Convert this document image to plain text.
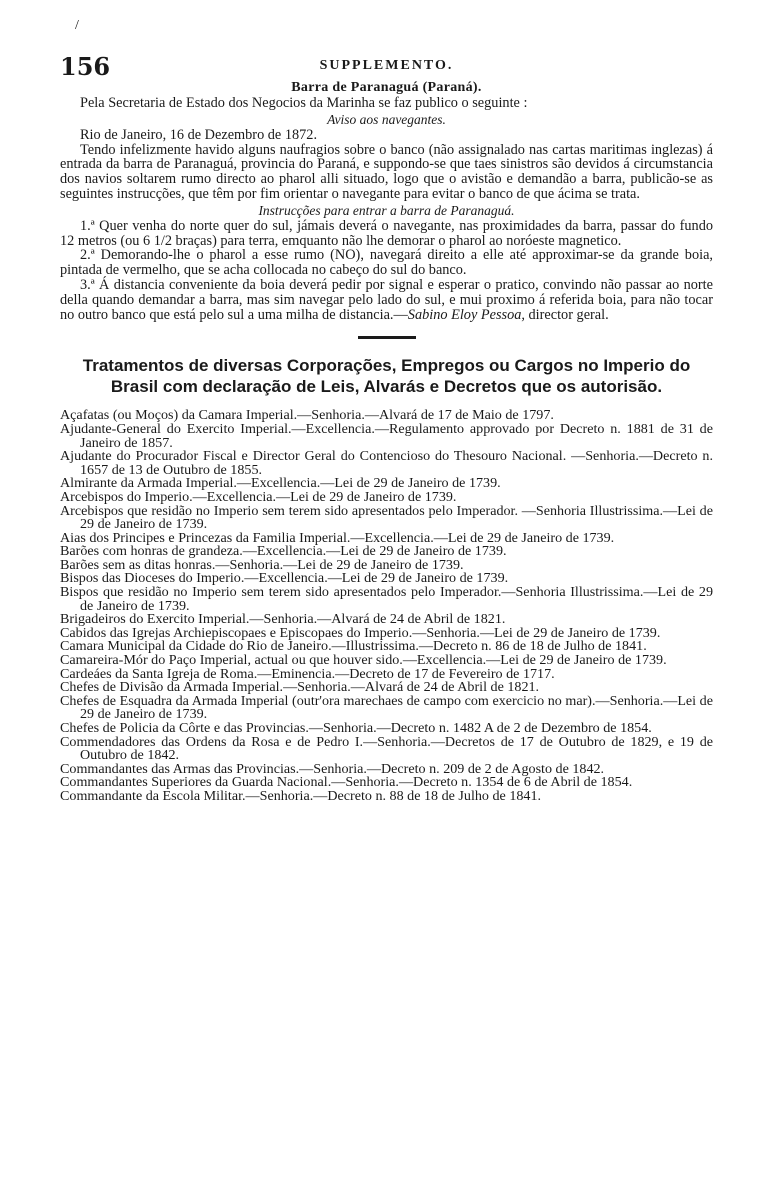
/
156	SUPPLEMENTO.
Barra de Paranaguá (Paraná).

Pela Secretaria de Estado dos Negocios da Marinha se faz publico o seguinte :

Aviso aos navegantes.

Rio de Janeiro, 16 de Dezembro de 1872.

Tendo infelizmente havido alguns naufragios sobre o banco (não assignalado nas cartas maritimas inglezas) á entrada da barra de Paranaguá, provincia do Paraná, e suppondo-se que taes sinistros são devidos á circumstancia dos navios soltarem rumo directo ao pharol alli situado, logo que o avistão e demandão a barra, publicão-se as seguintes instrucções, que têm por fim orientar o navegante para evitar o banco de que ácima se trata.

Instrucções para entrar a barra de Paranaguá.

1.ª Quer venha do norte quer do sul, jámais deverá o navegante, nas proximidades da barra, passar do fundo 12 metros (ou 6 1/2 braças) para terra, emquanto não lhe demorar o pharol ao noróeste magnetico.

2.ª Demorando-lhe o pharol a esse rumo (NO), navegará direito a elle até approximar-se da grande boia, pintada de vermelho, que se acha collocada no cabeço do sul do banco.

3.ª Á distancia conveniente da boia deverá pedir por signal e esperar o pratico, convindo não passar ao norte della quando demandar a barra, mas sim navegar pelo lado do sul, e mui proximo á referida boia, para não tocar no outro banco que está pelo sul a uma milha de distancia.—Sabino Eloy Pessoa, director geral.

Tratamentos de diversas Corporações, Empregos ou Cargos no Imperio do
Brasil com declaração de Leis, Alvarás e Decretos que os autorisão.

Açafatas (ou Moços) da Camara Imperial.—Senhoria.—Alvará de 17 de Maio de 1797.

Ajudante-General do Exercito Imperial.—Excellencia.—Regulamento approvado por Decreto n. 1881 de 31 de Janeiro de 1857.

Ajudante do Procurador Fiscal e Director Geral do Contencioso do Thesouro Nacional. —Senhoria.—Decreto n. 1657 de 13 de Outubro de 1855.

Almirante da Armada Imperial.—Excellencia.—Lei de 29 de Janeiro de 1739.

Arcebispos do Imperio.—Excellencia.—Lei de 29 de Janeiro de 1739.

Arcebispos que residão no Imperio sem terem sido apresentados pelo Imperador. —Senhoria Illustrissima.—Lei de 29 de Janeiro de 1739.

Aias dos Principes e Princezas da Familia Imperial.—Excellencia.—Lei de 29 de Janeiro de 1739.

Barões com honras de grandeza.—Excellencia.—Lei de 29 de Janeiro de 1739.

Barões sem as ditas honras.—Senhoria.—Lei de 29 de Janeiro de 1739.

Bispos das Dioceses do Imperio.—Excellencia.—Lei de 29 de Janeiro de 1739.

Bispos que residão no Imperio sem terem sido apresentados pelo Imperador.—Senhoria Illustrissima.—Lei de 29 de Janeiro de 1739.

Brigadeiros do Exercito Imperial.—Senhoria.—Alvará de 24 de Abril de 1821.

Cabidos das Igrejas Archiepiscopaes e Episcopaes do Imperio.—Senhoria.—Lei de 29 de Janeiro de 1739.

Camara Municipal da Cidade do Rio de Janeiro.—Illustrissima.—Decreto n. 86 de 18 de Julho de 1841.

Camareira-Mór do Paço Imperial, actual ou que houver sido.—Excellencia.—Lei de 29 de Janeiro de 1739.

Cardeáes da Santa Igreja de Roma.—Eminencia.—Decreto de 17 de Fevereiro de 1717.

Chefes de Divisão da Armada Imperial.—Senhoria.—Alvará de 24 de Abril de 1821.

Chefes de Esquadra da Armada Imperial (outr'ora marechaes de campo com exercicio no mar).—Senhoria.—Lei de 29 de Janeiro de 1739.

Chefes de Policia da Côrte e das Provincias.—Senhoria.—Decreto n. 1482 A de 2 de Dezembro de 1854.

Commendadores das Ordens da Rosa e de Pedro I.—Senhoria.—Decretos de 17 de Outubro de 1829, e 19 de Outubro de 1842.

Commandantes das Armas das Provincias.—Senhoria.—Decreto n. 209 de 2 de Agosto de 1842.

Commandantes Superiores da Guarda Nacional.—Senhoria.—Decreto n. 1354 de 6 de Abril de 1854.

Commandante da Escola Militar.—Senhoria.—Decreto n. 88 de 18 de Julho de 1841.
